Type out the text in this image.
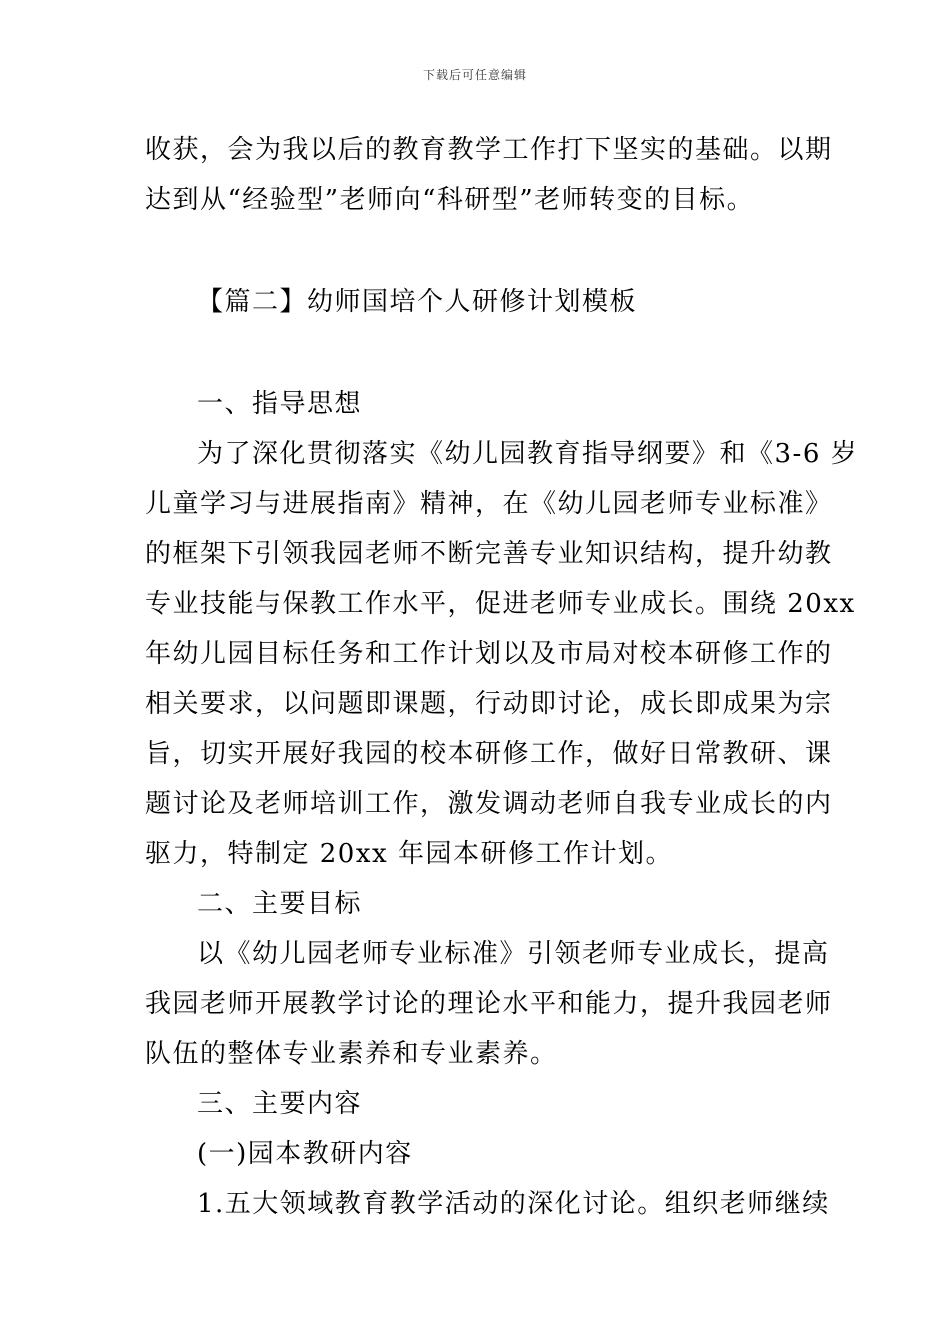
下载后可任意编辑
收获，会为我以后的教育教学工作打下坚实的基础。以期
达到从“经验型”老师向“科研型”老师转变的目标。
【篇二】幼师国培个人研修计划模板
一、指导思想
为了深化贯彻落实《幼儿园教育指导纲要》和《3-6 岁
儿童学习与进展指南》精神，在《幼儿园老师专业标准》
的框架下引领我园老师不断完善专业知识结构，提升幼教
专业技能与保教工作水平，促进老师专业成长。围绕 20xx
年幼儿园目标任务和工作计划以及市局对校本研修工作的
相关要求，以问题即课题，行动即讨论，成长即成果为宗
旨，切实开展好我园的校本研修工作，做好日常教研、课
题讨论及老师培训工作，激发调动老师自我专业成长的内
驱力，特制定 20xx 年园本研修工作计划。
二、主要目标
以《幼儿园老师专业标准》引领老师专业成长，提高
我园老师开展教学讨论的理论水平和能力，提升我园老师
队伍的整体专业素养和专业素养。
三、主要内容
(一)园本教研内容
1.五大领域教育教学活动的深化讨论。组织老师继续
